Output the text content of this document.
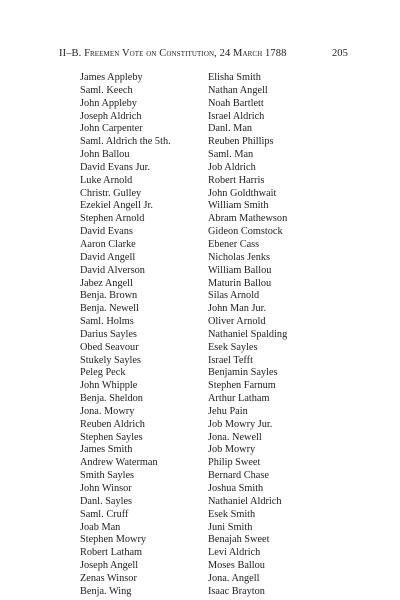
II–B. Freemen Vote on Constitution, 24 March 1788	205
James Appleby
Saml. Keech
John Appleby
Joseph Aldrich
John Carpenter
Saml. Aldrich the 5th.
John Ballou
David Evans Jur.
Luke Arnold
Christr. Gulley
Ezekiel Angell Jr.
Stephen Arnold
David Evans
Aaron Clarke
David Angell
David Alverson
Jabez Angell
Benja. Brown
Benja. Newell
Saml. Holms
Darius Sayles
Obed Seavour
Stukely Sayles
Peleg Peck
John Whipple
Benja. Sheldon
Jona. Mowry
Reuben Aldrich
Stephen Sayles
James Smith
Andrew Waterman
Smith Sayles
John Winsor
Danl. Sayles
Saml. Cruff
Joab Man
Stephen Mowry
Robert Latham
Joseph Angell
Zenas Winsor
Benja. Wing
Elisha Smith
Nathan Angell
Noah Bartlett
Israel Aldrich
Danl. Man
Reuben Phillips
Saml. Man
Job Aldrich
Robert Harris
John Goldthwait
William Smith
Abram Mathewson
Gideon Comstock
Ebener Cass
Nicholas Jenks
William Ballou
Maturin Ballou
Silas Arnold
John Man Jur.
Oliver Arnold
Nathaniel Spalding
Esek Sayles
Israel Tefft
Benjamin Sayles
Stephen Farnum
Arthur Latham
Jehu Pain
Job Mowry Jur.
Jona. Newell
Job Mowry
Philip Sweet
Bernard Chase
Joshua Smith
Nathaniel Aldrich
Esek Smith
Juni Smith
Benajah Sweet
Levi Aldrich
Moses Ballou
Jona. Angell
Isaac Brayton
